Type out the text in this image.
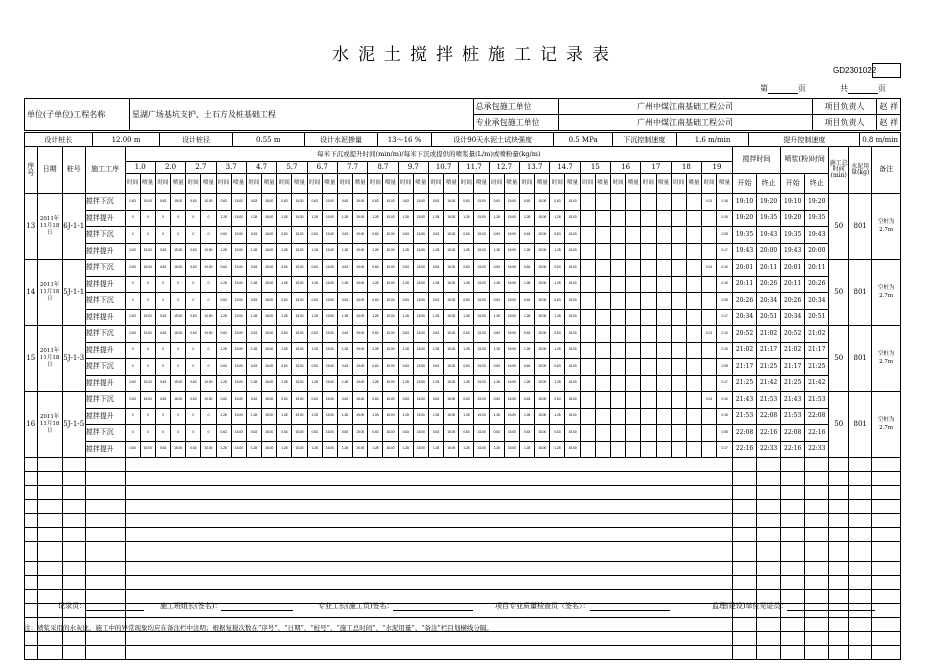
水泥土搅拌桩施工记录表
GD2301022
第	页	共	页
单位(子单位)工程名称	星湖广场基坑支护、土石方及桩基础工程	总承包施工单位	广州中煤江南基础工程公司	项目负责人	赵 祥
		专业承包施工单位	广州中煤江南基础工程公司	项目负责人	赵 祥
设计桩长	12.00 m	设计桩径	0.55 m	设计水泥掺量	13～16 %	设计90天水泥土试块强度	0.5 MPa	下沉控制速度	1.6 m/min	提升控制速度	0.8 m/min
序号	日期	桩号	施工工序	每米下沉或提升时间(min/m)/每米下沉或提供的喷浆量(L/m)或喷粉量(kg/m)																																								搅拌时间		喷浆(粉)时间		施工总时间(min)	水泥用量(kg)	备注
				1.0		2.0		2.7		3.7		4.7		5.7		6.7		7.7		8.7		9.7		10.7		11.7		12.7		13.7		14.7		15		16		17		18		19								
				时间	喷量	时间	喷量	时间	喷量	时间	喷量	时间	喷量	时间	喷量	时间	喷量	时间	喷量	时间	喷量	时间	喷量	时间	喷量	时间	喷量	时间	喷量	时间	喷量	时间	喷量	时间	喷量	时间	喷量	时间	喷量	时间	喷量	时间	喷量	开始	终止	开始	终止			
13	2011年11月18日	6J-1-1	搅拌下沉	0.63	15.00	0.63	15.00	0.63	10.50	0.63	15.00	0.63	15.00	0.63	15.00	0.63	15.00	0.63	15.00	0.63	15.00	0.63	15.00	0.63	15.00	0.63	15.00	0.63	15.00	0.63	15.00	0.63	15.00									0.01	0.18	19:10	19:20	19:10	19:20	50	801	空桩为2.7m
			搅拌提升	0	0	0	0	0	0	1.28	15.00	1.28	15.00	1.28	15.00	1.28	15.00	1.28	15.00	1.28	15.00	1.28	15.00	1.28	15.00	1.28	15.00	1.28	15.00	1.28	15.00	1.28	15.00										0.15	19:20	19:35	19:20	19:35			
			搅拌下沉	0	0	0	0	0	0	0.63	15.00	0.63	15.00	0.63	15.00	0.63	15.00	0.63	15.00	0.63	15.00	0.63	15.00	0.63	15.00	0.63	15.00	0.63	15.00	0.63	15.00	0.63	15.00										0.08	19:35	19:43	19:35	19:43			
			搅拌提升	0.63	15.00	0.63	15.00	0.63	10.50	1.28	15.00	1.28	15.00	1.28	15.00	1.28	15.00	1.28	15.00	1.28	15.00	1.28	15.00	1.28	15.00	1.28	15.00	1.28	15.00	1.28	15.00	1.28	15.00										0.17	19:43	20:00	19:43	20:00			
14	2011年11月18日	5J-1-1	搅拌下沉	0.63	15.00	0.63	15.00	0.63	10.50	0.63	15.00	0.63	15.00	0.63	15.00	0.63	15.00	0.63	15.00	0.63	15.00	0.63	15.00	0.63	15.00	0.63	15.00	0.63	15.00	0.63	15.00	0.63	15.00									0.01	0.10	20:01	20:11	20:01	20:11	50	801	空桩为2.7m
			搅拌提升	0	0	0	0	0	0	1.28	15.00	1.28	15.00	1.28	15.00	1.28	15.00	1.28	15.00	1.28	15.00	1.28	15.00	1.28	15.00	1.28	15.00	1.28	15.00	1.28	15.00	1.28	15.00										0.15	20:11	20:26	20:11	20:26			
			搅拌下沉	0	0	0	0	0	0	0.63	15.00	0.63	15.00	0.63	15.00	0.63	15.00	0.63	15.00	0.63	15.00	0.63	15.00	0.63	15.00	0.63	15.00	0.63	15.00	0.63	15.00	0.63	15.00										0.08	20:26	20:34	20:26	20:34			
			搅拌提升	0.63	15.00	0.63	15.00	0.63	10.50	1.28	15.00	1.28	15.00	1.28	15.00	1.28	15.00	1.28	15.00	1.28	15.00	1.28	15.00	1.28	15.00	1.28	15.00	1.28	15.00	1.28	15.00	1.28	15.00										0.17	20:34	20:51	20:34	20:51			
15	2011年11月18日	5J-1-3	搅拌下沉	0.63	15.00	0.63	15.00	0.63	10.50	0.63	15.00	0.63	15.00	0.63	15.00	0.63	15.00	0.63	15.00	0.63	15.00	0.63	15.00	0.63	15.00	0.63	15.00	0.63	15.00	0.63	15.00	0.63	15.00									0.01	0.10	20:52	21:02	20:52	21:02	50	801	空桩为2.7m
			搅拌提升	0	0	0	0	0	0	1.28	15.00	1.28	15.00	1.28	15.00	1.28	15.00	1.28	15.00	1.28	15.00	1.28	15.00	1.28	15.00	1.28	15.00	1.28	15.00	1.28	15.00	1.28	15.00										0.15	21:02	21:17	21:02	21:17			
			搅拌下沉	0	0	0	0	0	0	0.63	15.00	0.63	15.00	0.63	15.00	0.63	15.00	0.63	15.00	0.63	15.00	0.63	15.00	0.63	15.00	0.63	15.00	0.63	15.00	0.63	15.00	0.63	15.00										0.08	21:17	21:25	21:17	21:25			
			搅拌提升	0.63	15.00	0.63	15.00	0.63	10.50	1.28	15.00	1.28	15.00	1.28	15.00	1.28	15.00	1.28	15.00	1.28	15.00	1.28	15.00	1.28	15.00	1.28	15.00	1.28	15.00	1.28	15.00	1.28	15.00										0.17	21:25	21:42	21:25	21:42			
16	2011年11月18日	5J-1-5	搅拌下沉	0.63	15.00	0.63	15.00	0.63	10.50	0.63	15.00	0.63	15.00	0.63	15.00	0.63	15.00	0.63	15.00	0.63	15.00	0.63	15.00	0.63	15.00	0.63	15.00	0.63	15.00	0.63	15.00	0.63	15.00									0.01	0.10	21:43	21:53	21:43	21:53	50	801	空桩为2.7m
			搅拌提升	0	0	0	0	0	0	1.28	15.00	1.28	15.00	1.28	15.00	1.28	15.00	1.28	15.00	1.28	15.00	1.28	15.00	1.28	15.00	1.28	15.00	1.28	15.00	1.28	15.00	1.28	15.00										0.15	21:53	22:08	21:53	22:08			
			搅拌下沉	0	0	0	0	0	0	0.63	15.00	0.63	15.00	0.63	15.00	0.63	15.00	0.63	15.00	0.63	15.00	0.63	15.00	0.63	15.00	0.63	15.00	0.63	15.00	0.63	15.00	0.63	15.00										0.08	22:08	22:16	22:08	22:16			
			搅拌提升	0.63	15.00	0.63	15.00	0.63	10.50	1.28	15.00	1.28	15.00	1.28	15.00	1.28	15.00	1.28	15.00	1.28	15.00	1.28	15.00	1.28	15.00	1.28	15.00	1.28	15.00	1.28	15.00	1.28	15.00										0.17	22:16	22:33	22:16	22:33			

记录员：	施工班组长(签名)：	专业工长(施工员)签名：	项目专业质量检查员（签名）：	监理(建设)单位见证员：
注：喷浆采用的水灰比、施工中的异常现象均应在备注栏中注明；根据复搅次数在“序号”、“日期”、“桩号”、“施工总时间”、“水泥用量”、“备注”栏目划横线分隔。
